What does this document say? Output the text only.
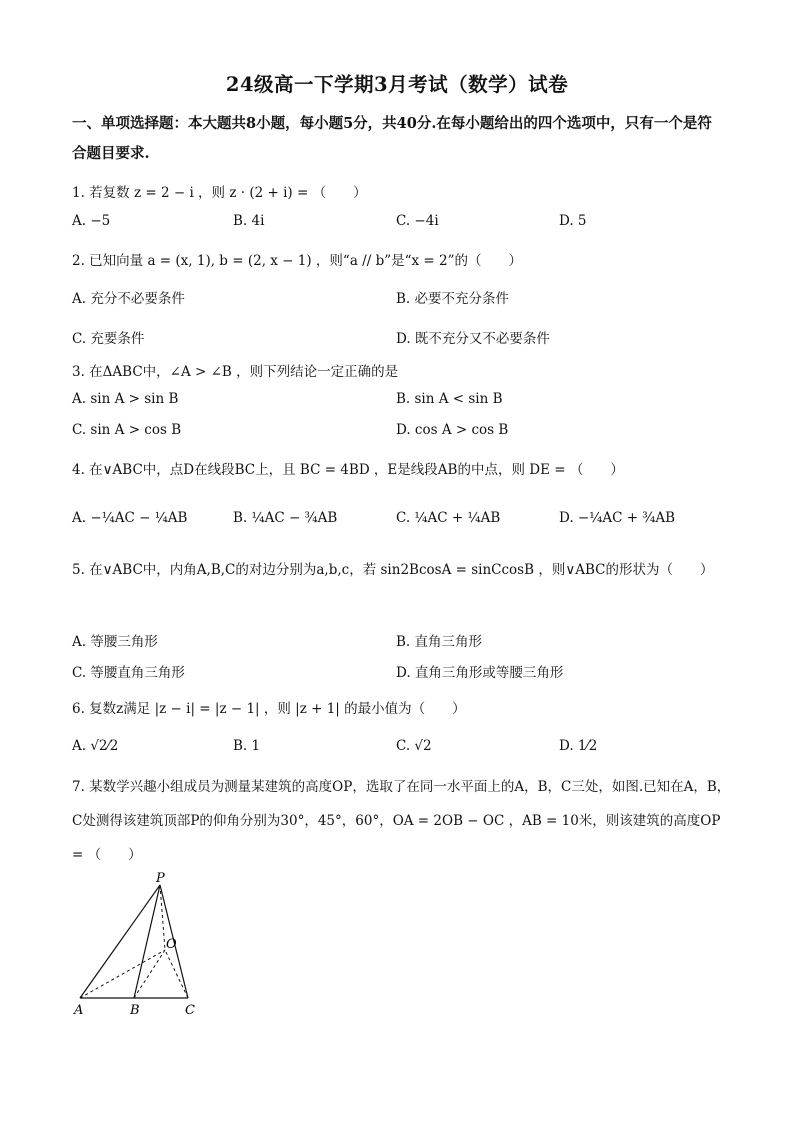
24级高一下学期3月考试（数学）试卷
一、单项选择题：本大题共8小题，每小题5分，共40分.在每小题给出的四个选项中，只有一个是符合题目要求.
1. 若复数 z = 2 − i ，则 z · (2 + i) = （　　）
A. −5	B. 4i	C. −4i	D. 5
2. 已知向量 a = (x, 1), b = (2, x − 1) ，则“a // b”是“x = 2”的（　　）
A. 充分不必要条件	B. 必要不充分条件
C. 充要条件	D. 既不充分又不必要条件
3. 在ΔABC中，∠A > ∠B ，则下列结论一定正确的是
A. sin A > sin B	B. sin A < sin B
C. sin A > cos B	D. cos A > cos B
4. 在∨ABC中，点D在线段BC上，且 BC = 4BD ，E是线段AB的中点，则 DE = （　　）
A. −¼AC − ¼AB	B. ¼AC − ¾AB	C. ¼AC + ¼AB	D. −¼AC + ¾AB
5. 在∨ABC中，内角A,B,C的对边分别为a,b,c，若 sin2BcosA = sinCcosB ，则∨ABC的形状为（　　）
A. 等腰三角形	B. 直角三角形
C. 等腰直角三角形	D. 直角三角形或等腰三角形
6. 复数z满足 |z − i| = |z − 1| ，则 |z + 1| 的最小值为（　　）
A. √2⁄2	B. 1	C. √2	D. 1⁄2
7. 某数学兴趣小组成员为测量某建筑的高度OP，选取了在同一水平面上的A，B，C三处，如图.已知在A，B，C处测得该建筑顶部P的仰角分别为30°，45°，60°，OA = 2OB − OC ，AB = 10米，则该建筑的高度OP = （　　）
P
O
A	B	C
